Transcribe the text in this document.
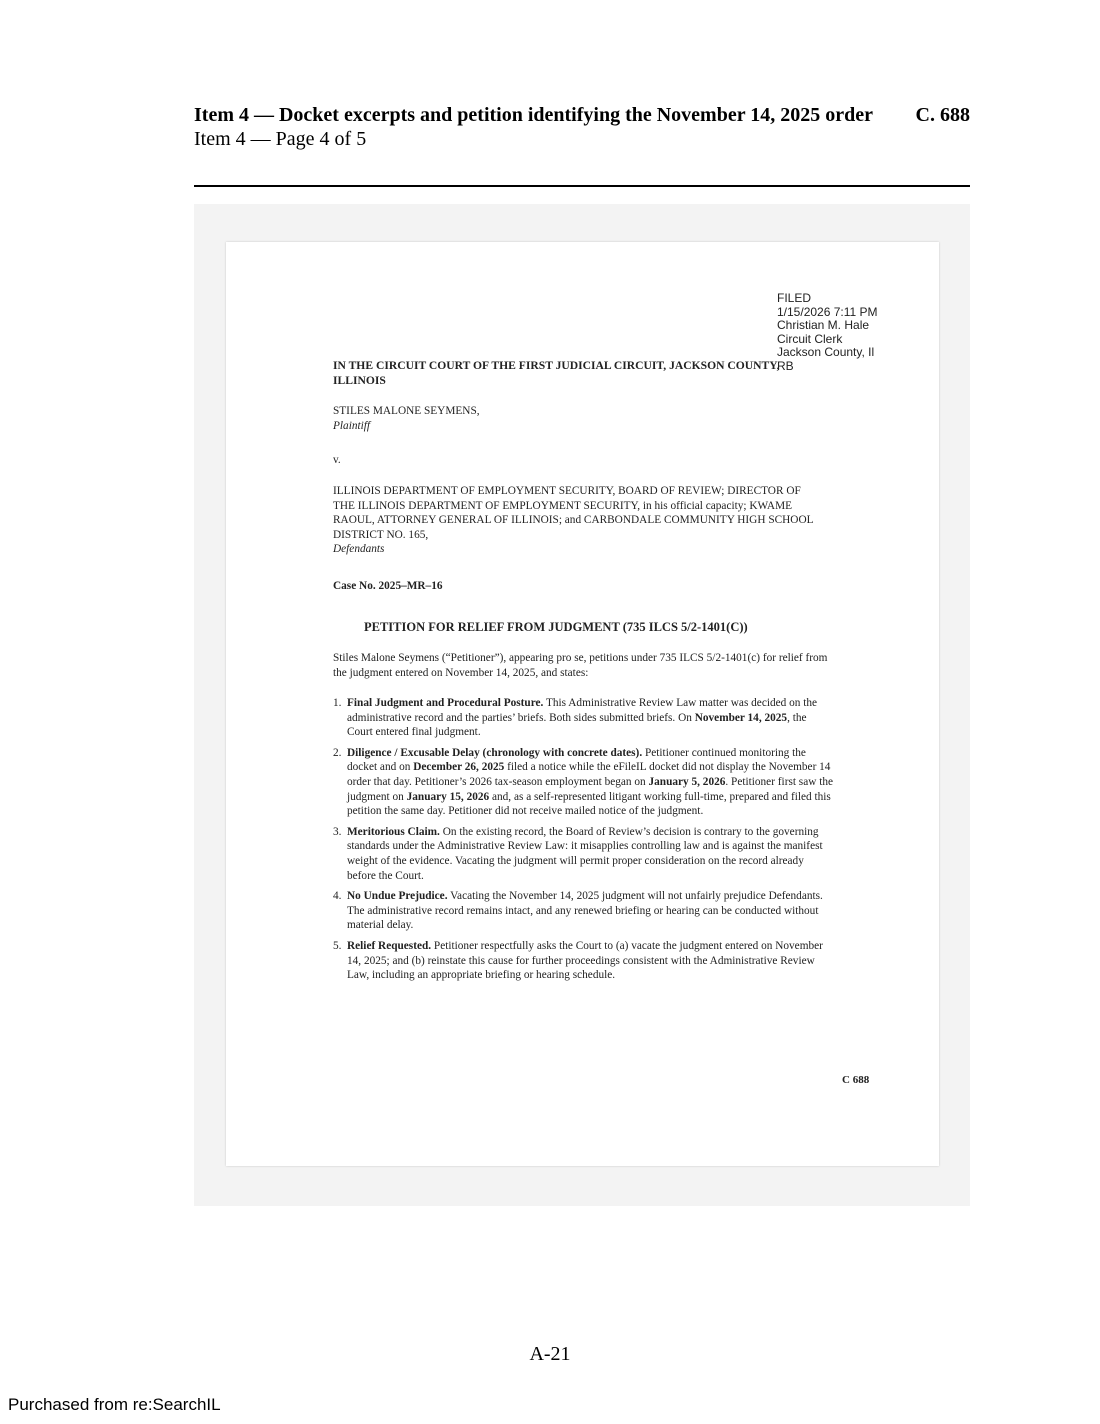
Item 4 — Docket excerpts and petition identifying the November 14, 2025 order	C. 688
Item 4 — Page 4 of 5
FILED
1/15/2026 7:11 PM
Christian M. Hale
Circuit Clerk
Jackson County, Il
RB
IN THE CIRCUIT COURT OF THE FIRST JUDICIAL CIRCUIT, JACKSON COUNTY, ILLINOIS
STILES MALONE SEYMENS,
Plaintiff
v.
ILLINOIS DEPARTMENT OF EMPLOYMENT SECURITY, BOARD OF REVIEW; DIRECTOR OF THE ILLINOIS DEPARTMENT OF EMPLOYMENT SECURITY, in his official capacity; KWAME RAOUL, ATTORNEY GENERAL OF ILLINOIS; and CARBONDALE COMMUNITY HIGH SCHOOL DISTRICT NO. 165,
Defendants
Case No. 2025–MR–16
PETITION FOR RELIEF FROM JUDGMENT (735 ILCS 5/2-1401(C))
Stiles Malone Seymens (“Petitioner”), appearing pro se, petitions under 735 ILCS 5/2-1401(c) for relief from the judgment entered on November 14, 2025, and states:
1. Final Judgment and Procedural Posture. This Administrative Review Law matter was decided on the administrative record and the parties’ briefs. Both sides submitted briefs. On November 14, 2025, the Court entered final judgment.
2. Diligence / Excusable Delay (chronology with concrete dates). Petitioner continued monitoring the docket and on December 26, 2025 filed a notice while the eFileIL docket did not display the November 14 order that day. Petitioner’s 2026 tax-season employment began on January 5, 2026. Petitioner first saw the judgment on January 15, 2026 and, as a self-represented litigant working full-time, prepared and filed this petition the same day. Petitioner did not receive mailed notice of the judgment.
3. Meritorious Claim. On the existing record, the Board of Review’s decision is contrary to the governing standards under the Administrative Review Law: it misapplies controlling law and is against the manifest weight of the evidence. Vacating the judgment will permit proper consideration on the record already before the Court.
4. No Undue Prejudice. Vacating the November 14, 2025 judgment will not unfairly prejudice Defendants. The administrative record remains intact, and any renewed briefing or hearing can be conducted without material delay.
5. Relief Requested. Petitioner respectfully asks the Court to (a) vacate the judgment entered on November 14, 2025; and (b) reinstate this cause for further proceedings consistent with the Administrative Review Law, including an appropriate briefing or hearing schedule.
C 688
A-21
Purchased from re:SearchIL
